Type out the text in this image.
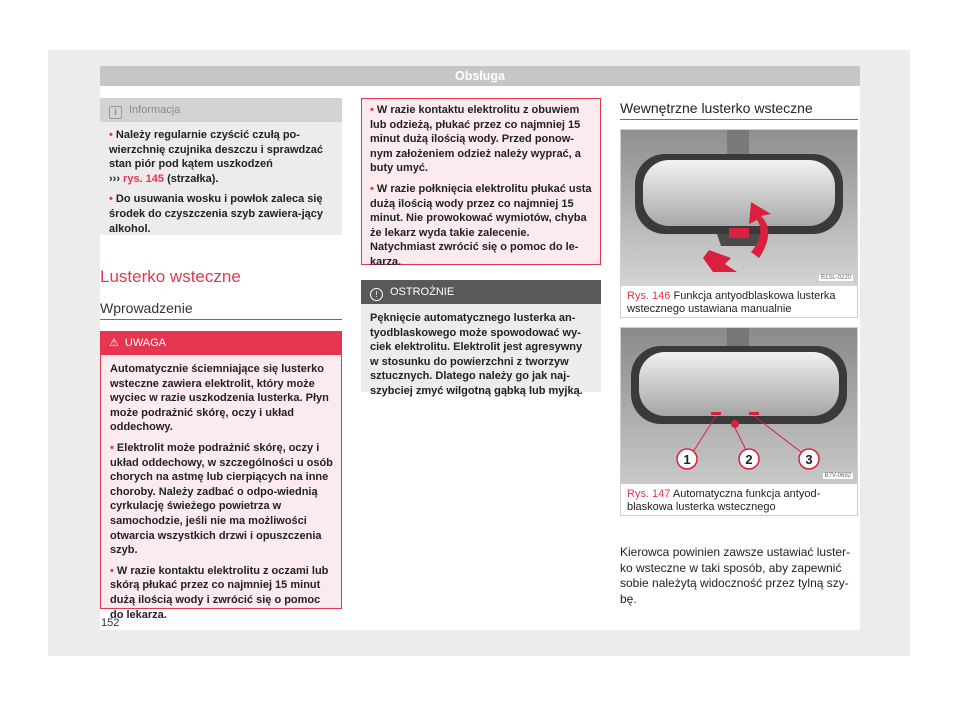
Obsługa
i Informacja
• Należy regularnie czyścić czułą po-wierzchnię czujnika deszczu i sprawdzać stan piór pod kątem uszkodzeń
››› rys. 145 (strzałka).
• Do usuwania wosku i powłok zaleca się środek do czyszczenia szyb zawiera-jący alkohol.
Lusterko wsteczne
Wprowadzenie
⚠ UWAGA
Automatycznie ściemniające się lusterko wsteczne zawiera elektrolit, który może wyciec w razie uszkodzenia lusterka. Płyn może podrażnić skórę, oczy i układ oddechowy.
• Elektrolit może podrażnić skórę, oczy i układ oddechowy, w szczególności u osób chorych na astmę lub cierpiących na inne choroby. Należy zadbać o odpo-wiednią cyrkulację świeżego powietrza w samochodzie, jeśli nie ma możliwości otwarcia wszystkich drzwi i opuszczenia szyb.
• W razie kontaktu elektrolitu z oczami lub skórą płukać przez co najmniej 15 minut dużą ilością wody i zwrócić się o pomoc do lekarza.
• W razie kontaktu elektrolitu z obuwiem lub odzieżą, płukać przez co najmniej 15 minut dużą ilością wody. Przed ponow-nym założeniem odzież należy wyprać, a buty umyć.
• W razie połknięcia elektrolitu płukać usta dużą ilością wody przez co najmniej 15 minut. Nie prowokować wymiotów, chyba że lekarz wyda takie zalecenie. Natychmiast zwrócić się o pomoc do le-karza.
! OSTROŻNIE
Pęknięcie automatycznego lusterka an-tyodblaskowego może spowodować wy-ciek elektrolitu. Elektrolit jest agresywny w stosunku do powierzchni z tworzyw sztucznych. Dlatego należy go jak naj-szybciej zmyć wilgotną gąbką lub myjką.
Wewnętrzne lusterko wsteczne
B1SL-0220
Rys. 146 Funkcja antyodblaskowa lusterka wstecznego ustawiana manualnie
1	2	3
B7V-0692
Rys. 147 Automatyczna funkcja antyod-blaskowa lusterka wstecznego
Kierowca powinien zawsze ustawiać luster-ko wsteczne w taki sposób, aby zapewnić sobie należytą widoczność przez tylną szy-bę.
152
